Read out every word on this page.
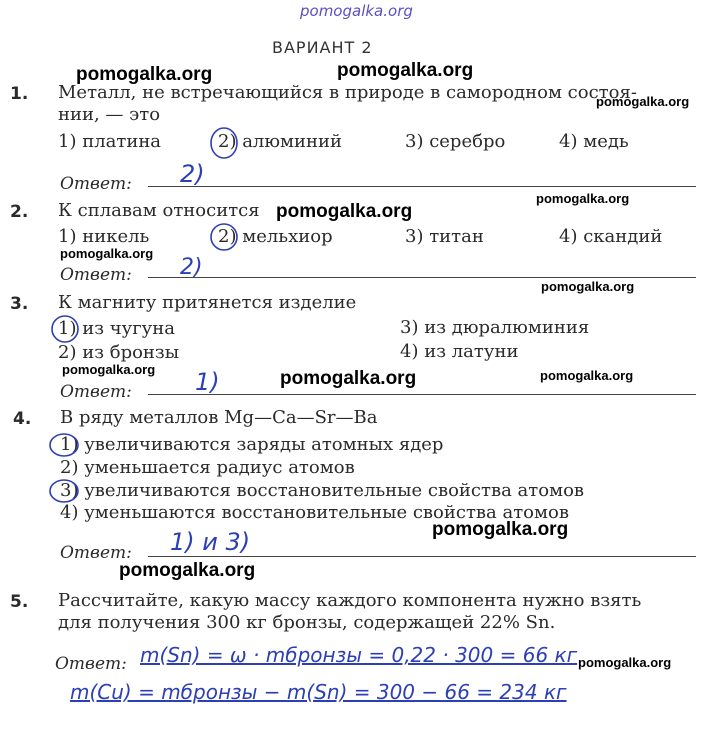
pomogalka.org
ВАРИАНТ 2
pomogalka.org	pomogalka.org
pomogalka.org
pomogalka.org
pomogalka.org
pomogalka.org
pomogalka.org
pomogalka.org	pomogalka.org	pomogalka.org
pomogalka.org
pomogalka.org
pomogalka.org
1. Металл, не встречающийся в природе в самородном состоя-
нии, — это
1) платина	2) алюминий	3) серебро	4) медь
Ответ: 2)
2. К сплавам относится
1) никель	2) мельхиор	3) титан	4) скандий
Ответ: 2)
3. К магниту притянется изделие
1) из чугуна	3) из дюралюминия
2) из бронзы	4) из латуни
Ответ:	1)
4. В ряду металлов Mg—Ca—Sr—Ba
1) увеличиваются заряды атомных ядер
2) уменьшается радиус атомов
3) увеличиваются восстановительные свойства атомов
4) уменьшаются восстановительные свойства атомов
Ответ: 1) и 3)
5. Рассчитайте, какую массу каждого компонента нужно взять
для получения 300 кг бронзы, содержащей 22% Sn.
Ответ: m(Sn) = ω · mбронзы = 0,22 · 300 = 66 кг
m(Cu) = mбронзы − m(Sn) = 300 − 66 = 234 кг
